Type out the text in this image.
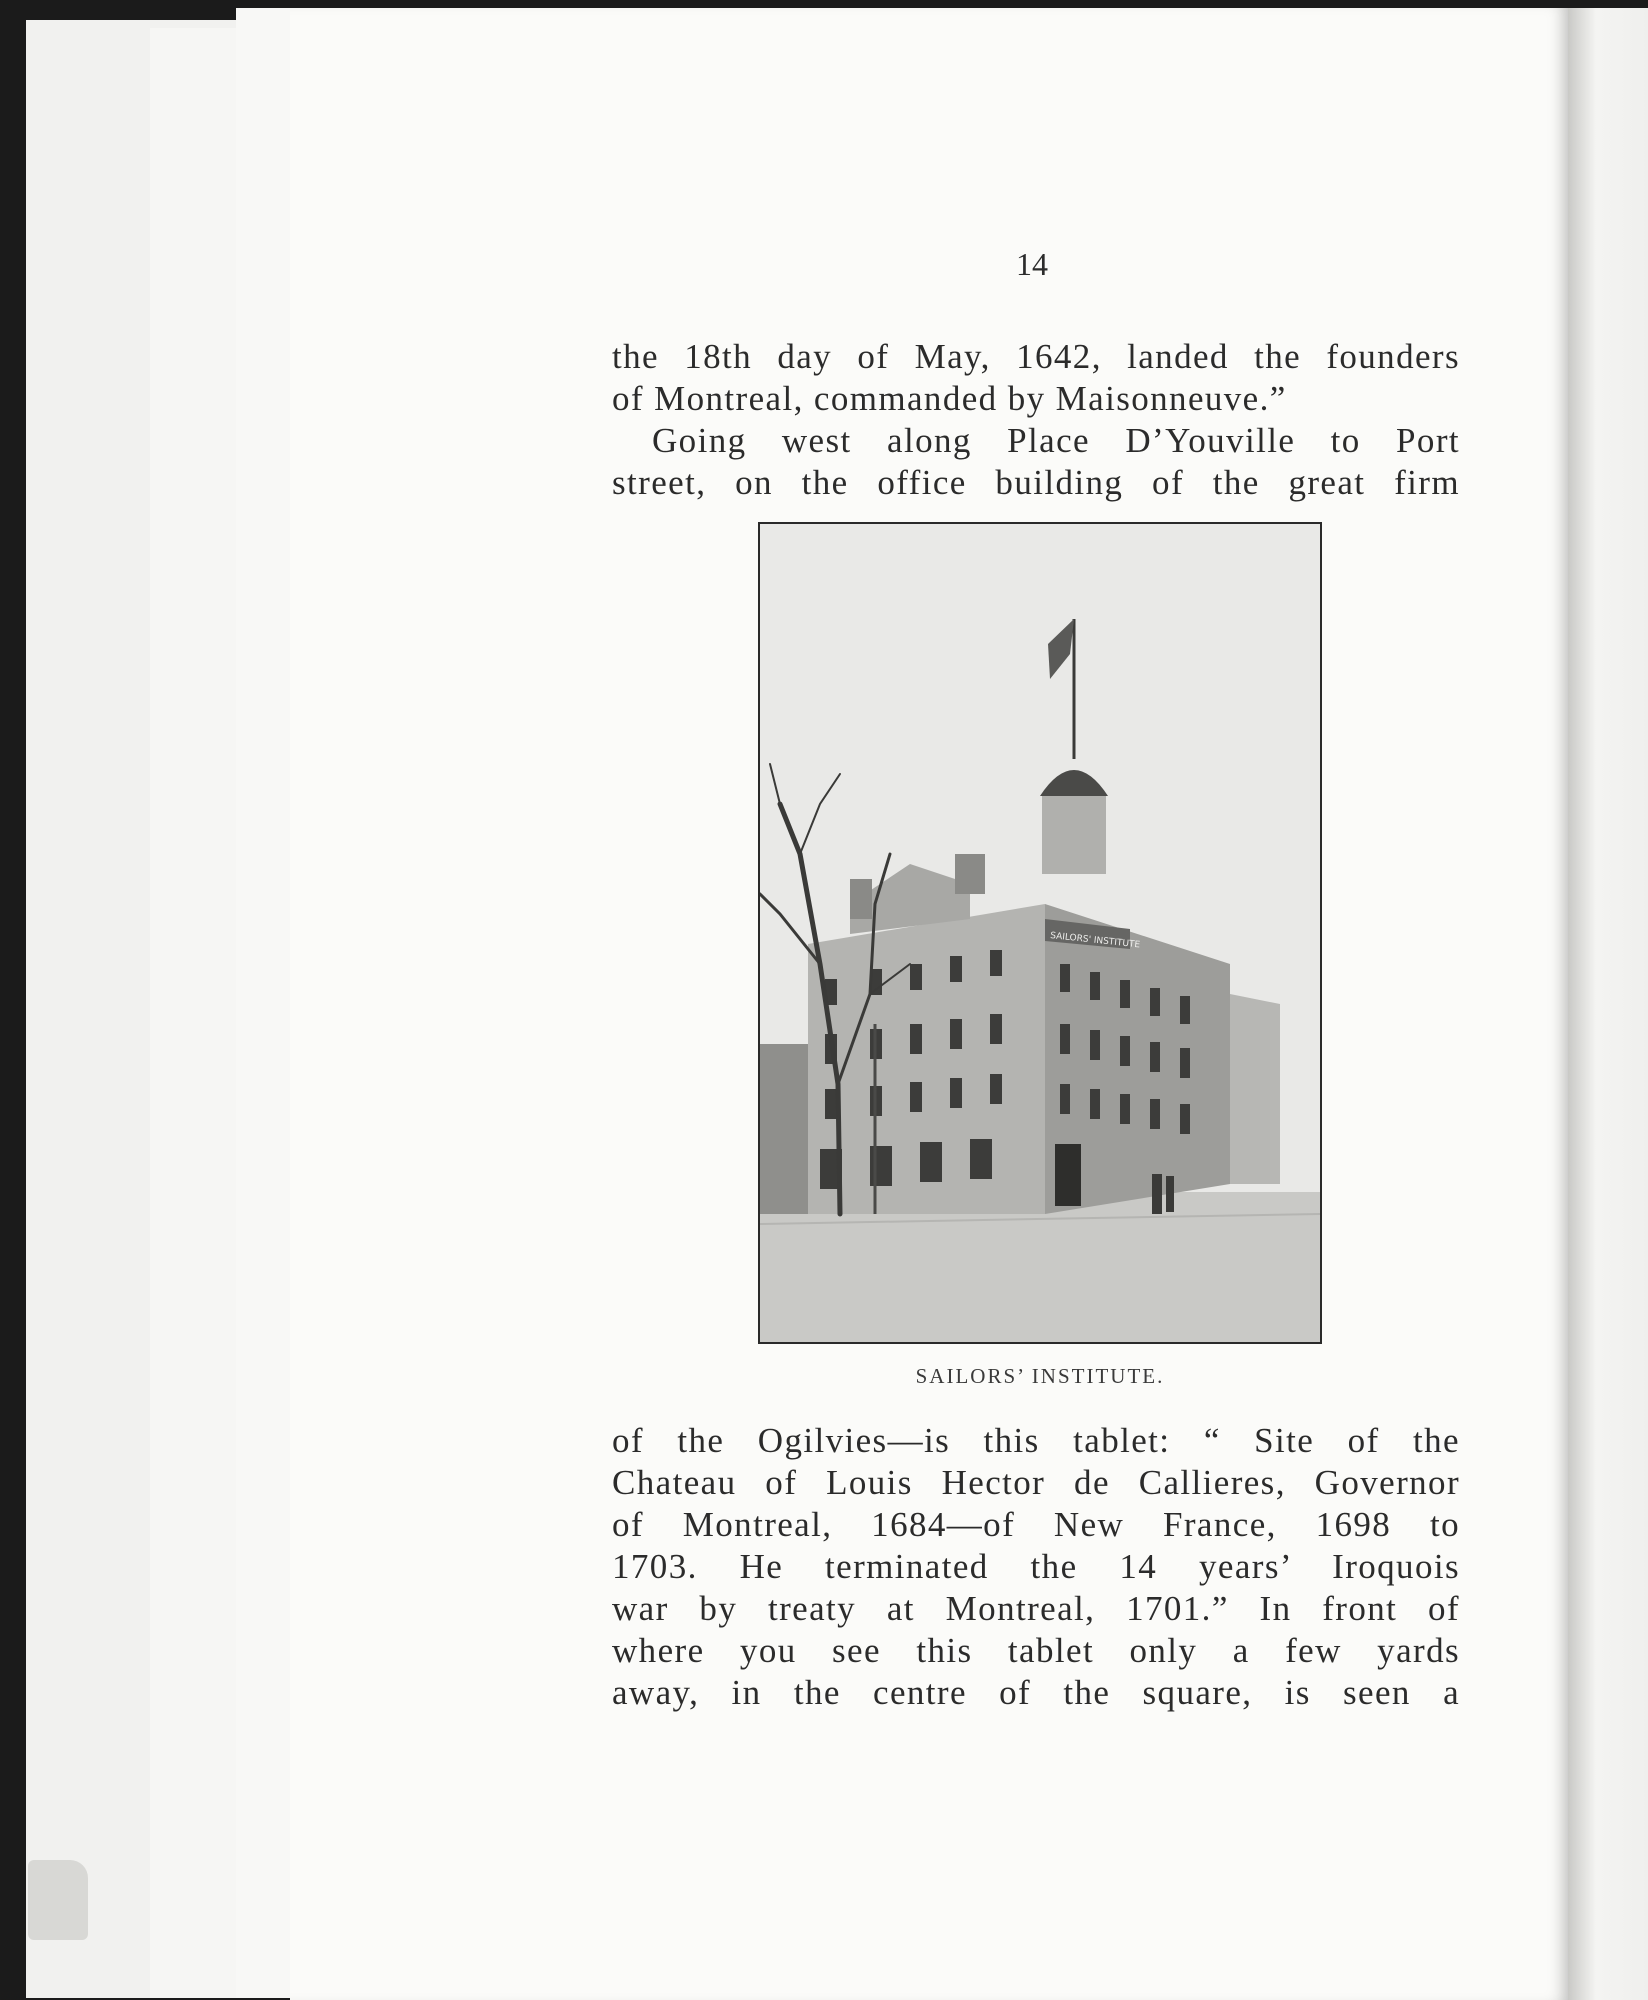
14
the 18th day of May, 1642, landed the founders
of Montreal, commanded by Maisonneuve.”
Going west along Place D’Youville to Port
street, on the office building of the great firm
SAILORS' INSTITUTE
SAILORS’ INSTITUTE.
of the Ogilvies—is this tablet: “ Site of the
Chateau of Louis Hector de Callieres, Governor
of Montreal, 1684—of New France, 1698 to
1703. He terminated the 14 years’ Iroquois
war by treaty at Montreal, 1701.” In front of
where you see this tablet only a few yards
away, in the centre of the square, is seen a
